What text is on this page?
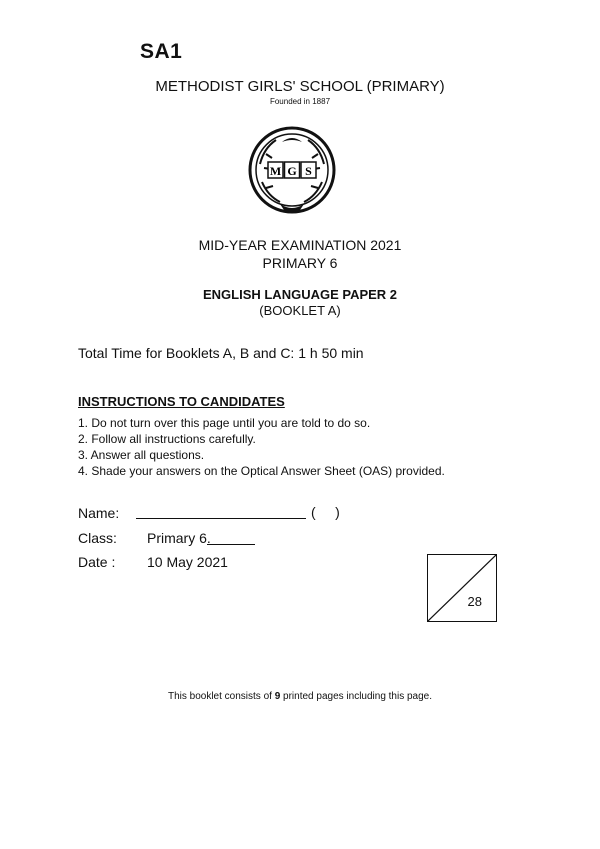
SA1
METHODIST GIRLS' SCHOOL (PRIMARY)
Founded in 1887
M G S
MID-YEAR EXAMINATION 2021
PRIMARY 6
ENGLISH LANGUAGE PAPER 2
(BOOKLET A)
Total Time for Booklets A, B and C: 1 h 50 min
INSTRUCTIONS TO CANDIDATES
1. Do not turn over this page until you are told to do so.
2. Follow all instructions carefully.
3. Answer all questions.
4. Shade your answers on the Optical Answer Sheet (OAS) provided.
Name:	(     )
Class: Primary 6.
Date : 10 May 2021
28
This booklet consists of 9 printed pages including this page.
